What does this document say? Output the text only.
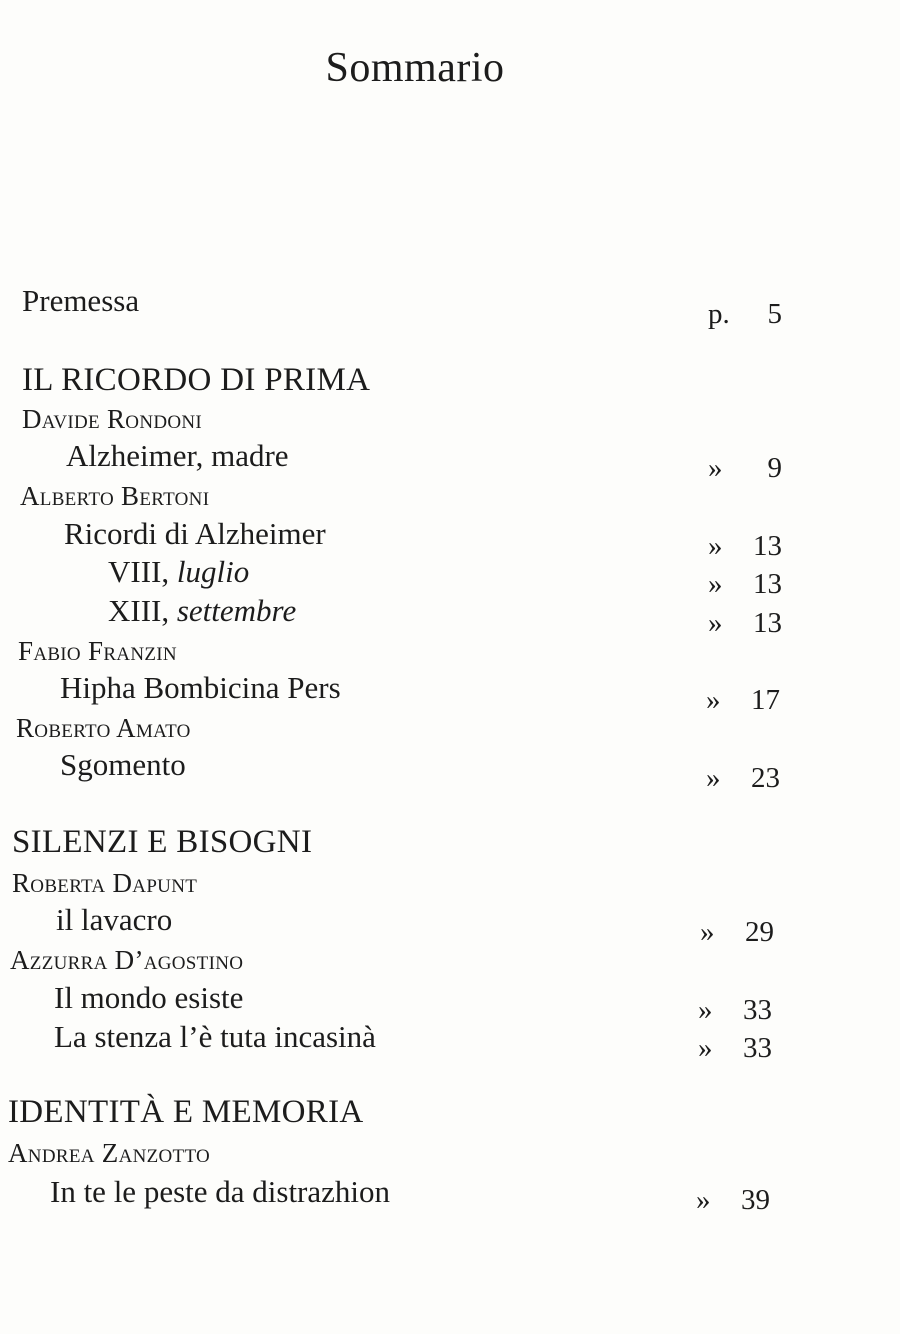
Sommario
Premessa	p. 5
IL RICORDO DI PRIMA
Davide Rondoni
Alzheimer, madre	» 9
Alberto Bertoni
Ricordi di Alzheimer	» 13
VIII, luglio	» 13
XIII, settembre	» 13
Fabio Franzin
Hipha Bombicina Pers	» 17
Roberto Amato
Sgomento	» 23
SILENZI E BISOGNI
Roberta Dapunt
il lavacro	» 29
Azzurra D’agostino
Il mondo esiste	» 33
La stenza l’è tuta incasinà	» 33
IDENTITÀ E MEMORIA
Andrea Zanzotto
In te le peste da distrazhion	» 39
